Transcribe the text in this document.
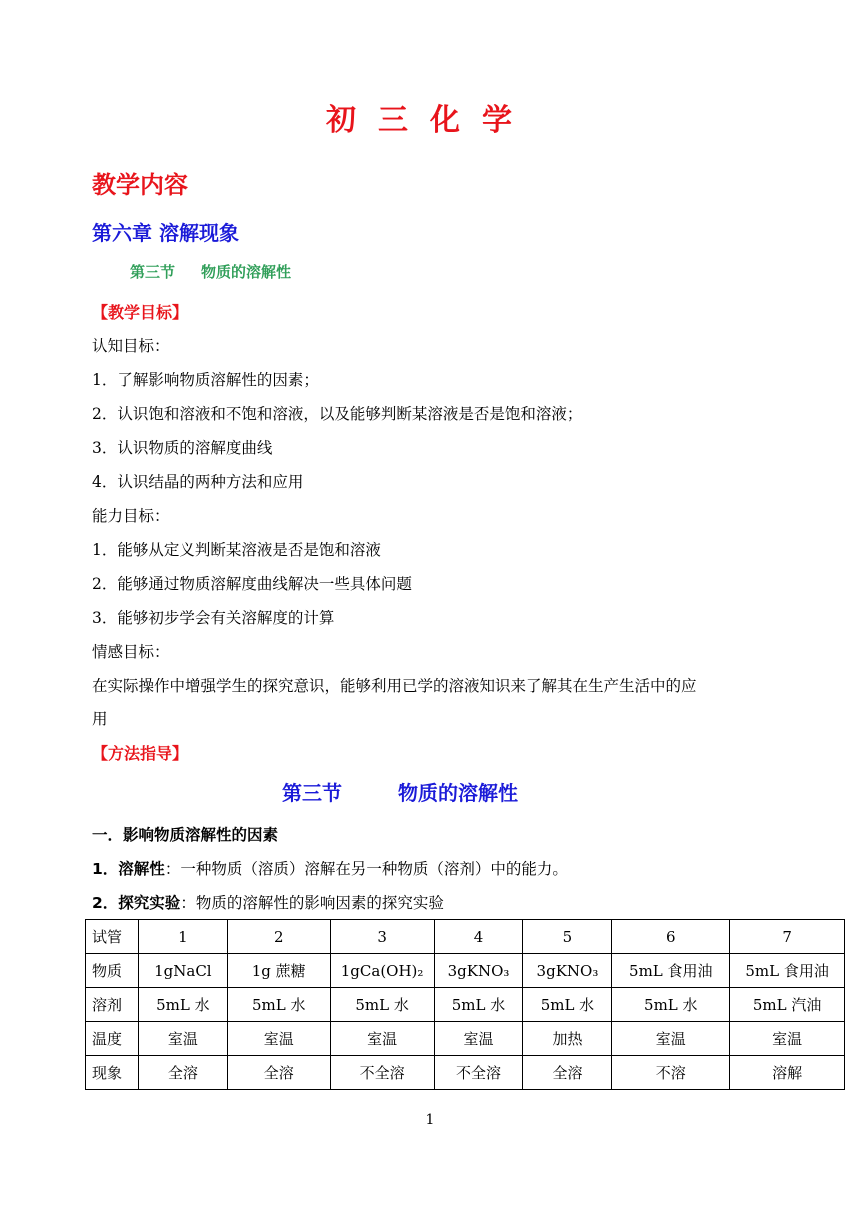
初三化学
教学内容
第六章 溶解现象
第三节 物质的溶解性
【教学目标】
认知目标：
1．了解影响物质溶解性的因素；
2．认识饱和溶液和不饱和溶液，以及能够判断某溶液是否是饱和溶液；
3．认识物质的溶解度曲线
4．认识结晶的两种方法和应用
能力目标：
1．能够从定义判断某溶液是否是饱和溶液
2．能够通过物质溶解度曲线解决一些具体问题
3．能够初步学会有关溶解度的计算
情感目标：
在实际操作中增强学生的探究意识，能够利用已学的溶液知识来了解其在生产生活中的应
用
【方法指导】
第三节	物质的溶解性
一．影响物质溶解性的因素
1．溶解性：一种物质（溶质）溶解在另一种物质（溶剂）中的能力。
2．探究实验：物质的溶解性的影响因素的探究实验
试管	1	2	3	4	5	6	7
物质	1gNaCl	1g 蔗糖	1gCa(OH)₂	3gKNO₃	3gKNO₃	5mL 食用油	5mL 食用油
溶剂	5mL 水	5mL 水	5mL 水	5mL 水	5mL 水	5mL 水	5mL 汽油
温度	室温	室温	室温	室温	加热	室温	室温
现象	全溶	全溶	不全溶	不全溶	全溶	不溶	溶解
1
